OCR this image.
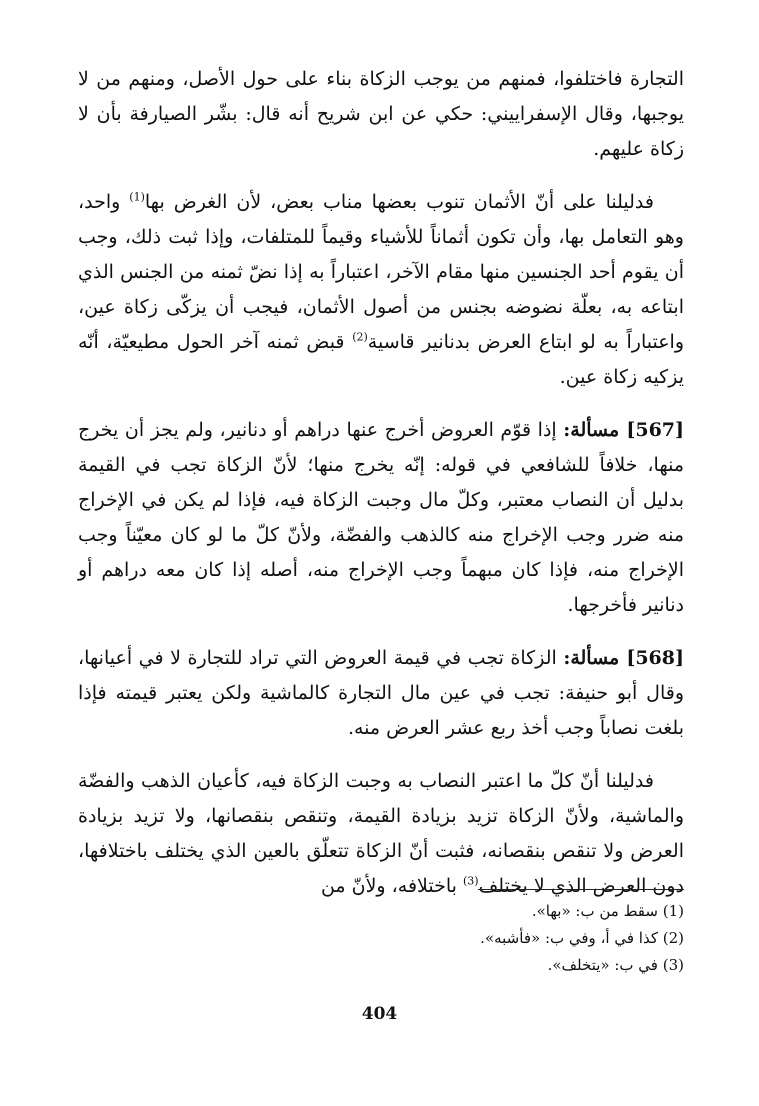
التجارة فاختلفوا، فمنهم من يوجب الزكاة بناء على حول الأصل، ومنهم من لا يوجبها، وقال الإسفراييني: حكي عن ابن شريح أنه قال: بشّر الصيارفة بأن لا زكاة عليهم.

فدليلنا على أنّ الأثمان تنوب بعضها مناب بعض، لأن الغرض بها$^{(1)}$ واحد، وهو التعامل بها، وأن تكون أثماناً للأشياء وقيماً للمتلفات، وإذا ثبت ذلك، وجب أن يقوم أحد الجنسين منها مقام الآخر، اعتباراً به إذا نضّ ثمنه من الجنس الذي ابتاعه به، بعلّة نضوضه بجنس من أصول الأثمان، فيجب أن يزكّى زكاة عين، واعتباراً به لو ابتاع العرض بدنانير قاسية$^{(2)}$ قبض ثمنه آخر الحول مطيعيّة، أنّه يزكيه زكاة عين.

[567] مسألة: إذا قوّم العروض أخرج عنها دراهم أو دنانير، ولم يجز أن يخرج منها، خلافاً للشافعي في قوله: إنّه يخرج منها؛ لأنّ الزكاة تجب في القيمة بدليل أن النصاب معتبر، وكلّ مال وجبت الزكاة فيه، فإذا لم يكن في الإخراج منه ضرر وجب الإخراج منه كالذهب والفضّة، ولأنّ كلّ ما لو كان معيّناً وجب الإخراج منه، فإذا كان مبهماً وجب الإخراج منه، أصله إذا كان معه دراهم أو دنانير فأخرجها.

[568] مسألة: الزكاة تجب في قيمة العروض التي تراد للتجارة لا في أعيانها، وقال أبو حنيفة: تجب في عين مال التجارة كالماشية ولكن يعتبر قيمته فإذا بلغت نصاباً وجب أخذ ربع عشر العرض منه.

فدليلنا أنّ كلّ ما اعتبر النصاب به وجبت الزكاة فيه، كأعيان الذهب والفضّة والماشية، ولأنّ الزكاة تزيد بزيادة القيمة، وتنقص بنقصانها، ولا تزيد بزيادة العرض ولا تنقص بنقصانه، فثبت أنّ الزكاة تتعلّق بالعين الذي يختلف باختلافها، دون العرض الذي لا يختلف$^{(3)}$ باختلافه، ولأنّ من

(1) سقط من ب: «بها».
(2) كذا في أ، وفي ب: «فأشبه».
(3) في ب: «يتخلف».
404
